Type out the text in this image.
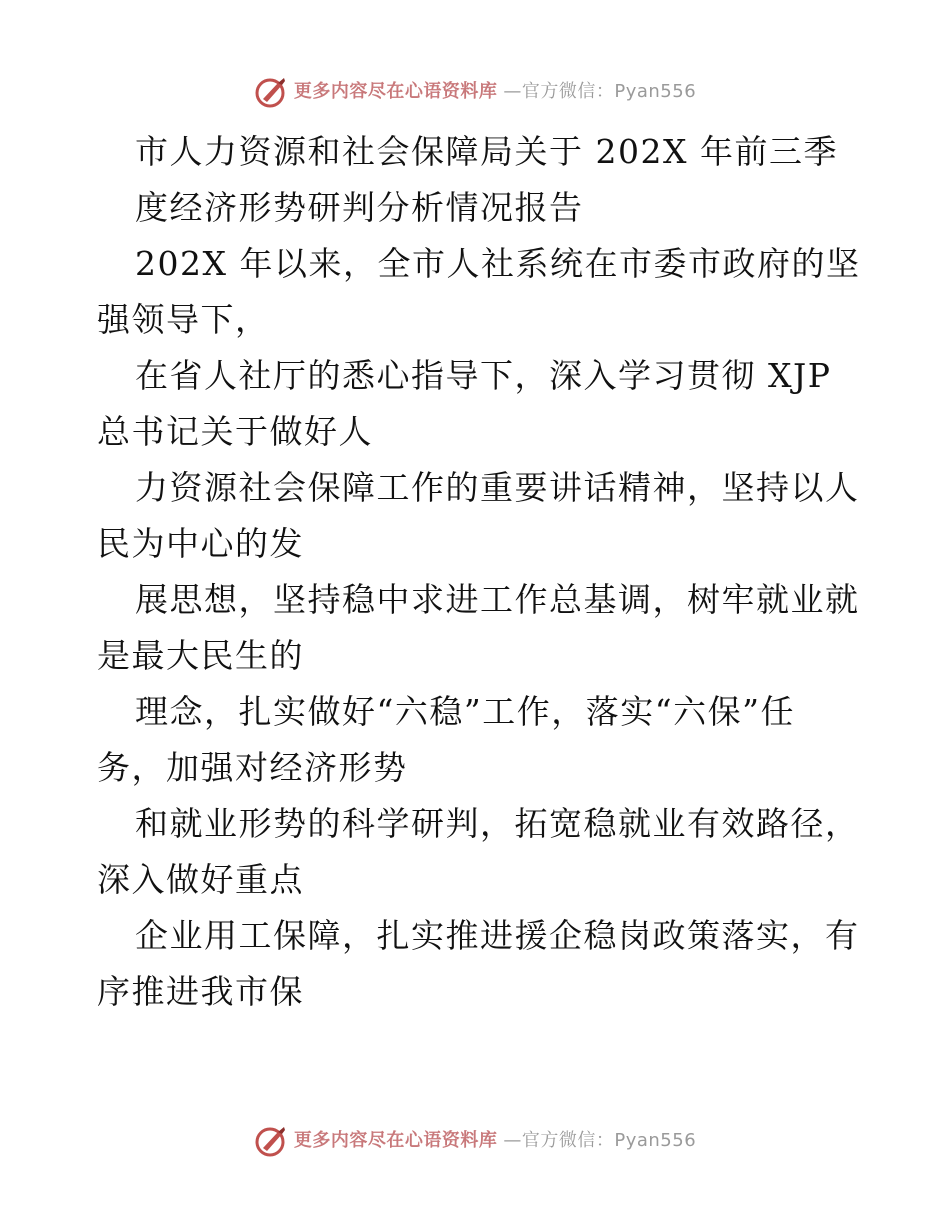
更多内容尽在心语资料库 —官方微信：Pyan556
市人力资源和社会保障局关于 202X 年前三季
度经济形势研判分析情况报告
202X 年以来，全市人社系统在市委市政府的坚
强领导下，
在省人社厅的悉心指导下，深入学习贯彻 XJP
总书记关于做好人
力资源社会保障工作的重要讲话精神，坚持以人
民为中心的发
展思想，坚持稳中求进工作总基调，树牢就业就
是最大民生的
理念，扎实做好“六稳”工作，落实“六保”任
务，加强对经济形势
和就业形势的科学研判，拓宽稳就业有效路径，
深入做好重点
企业用工保障，扎实推进援企稳岗政策落实，有
序推进我市保
更多内容尽在心语资料库 —官方微信：Pyan556
